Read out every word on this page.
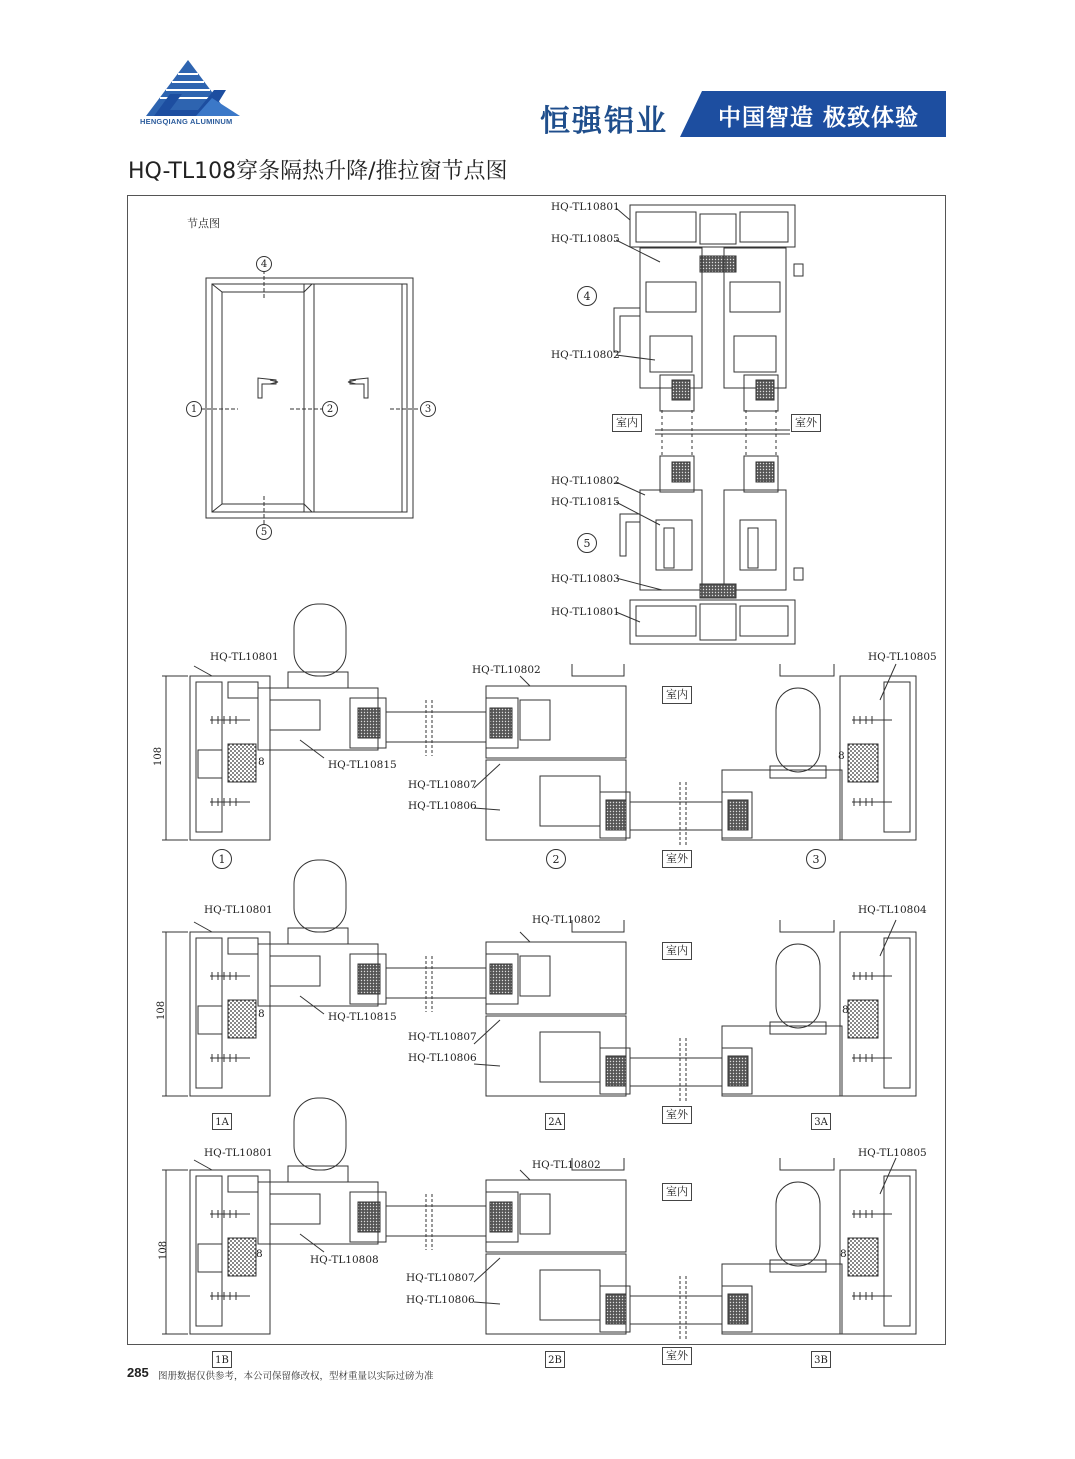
HENGQIANG ALUMINUM	恒强铝业 中国智造 极致体验
HQ-TL108穿条隔热升降/推拉窗节点图
节点图
4
1	2	3
5
HQ-TL10801
HQ-TL10805
4
HQ-TL10802
室内	室外
HQ-TL10802
HQ-TL10815
5
HQ-TL10803
HQ-TL10801
HQ-TL10801
HQ-TL10802
HQ-TL10805
HQ-TL10815
HQ-TL10807
HQ-TL10806
108	8	8
室内
室外
1	2	3
HQ-TL10801
HQ-TL10802
HQ-TL10804
HQ-TL10815
HQ-TL10807
HQ-TL10806
108	8	8
室内
室外
1A	2A	3A
HQ-TL10801
HQ-TL10802
HQ-TL10805
HQ-TL10808
HQ-TL10807
HQ-TL10806
108	8	8
室内
室外
1B	2B	3B
285 图册数据仅供参考，本公司保留修改权，型材重量以实际过磅为准
